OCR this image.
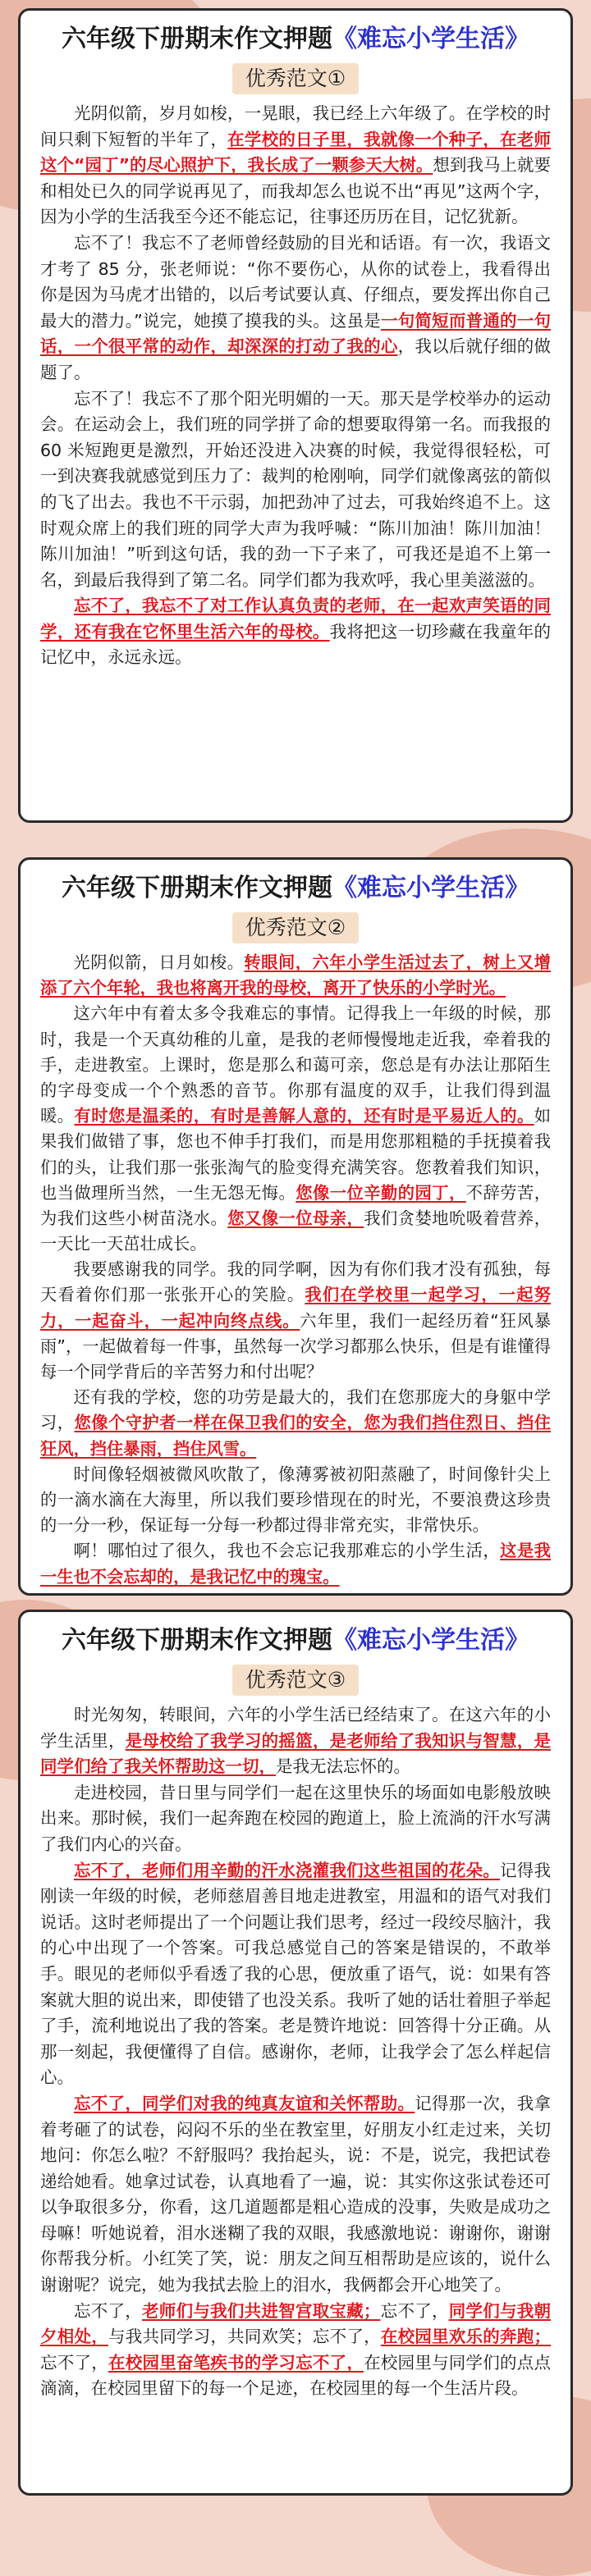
六年级下册期末作文押题《难忘小学生活》
优秀范文①

光阴似箭，岁月如梭，一晃眼，我已经上六年级了。在学校的时间只剩下短暂的半年了，在学校的日子里，我就像一个种子，在老师这个“园丁”的尽心照护下，我长成了一颗参天大树。想到我马上就要和相处已久的同学说再见了，而我却怎么也说不出“再见”这两个字，因为小学的生活我至今还不能忘记，往事还历历在目，记忆犹新。

忘不了！我忘不了老师曾经鼓励的目光和话语。有一次，我语文才考了 85 分，张老师说：“你不要伤心，从你的试卷上，我看得出你是因为马虎才出错的，以后考试要认真、仔细点，要发挥出你自己最大的潜力。”说完，她摸了摸我的头。这虽是一句简短而普通的一句话，一个很平常的动作，却深深的打动了我的心，我以后就仔细的做题了。

忘不了！我忘不了那个阳光明媚的一天。那天是学校举办的运动会。在运动会上，我们班的同学拼了命的想要取得第一名。而我报的 60 米短跑更是激烈，开始还没进入决赛的时候，我觉得很轻松，可一到决赛我就感觉到压力了：裁判的枪刚响，同学们就像离弦的箭似的飞了出去。我也不干示弱，加把劲冲了过去，可我始终追不上。这时观众席上的我们班的同学大声为我呼喊：“陈川加油！陈川加油！陈川加油！”听到这句话，我的劲一下子来了，可我还是追不上第一名，到最后我得到了第二名。同学们都为我欢呼，我心里美滋滋的。

忘不了，我忘不了对工作认真负责的老师，在一起欢声笑语的同学，还有我在它怀里生活六年的母校。我将把这一切珍藏在我童年的记忆中，永远永远。

六年级下册期末作文押题《难忘小学生活》
优秀范文②

光阴似箭，日月如梭。转眼间，六年小学生活过去了，树上又增添了六个年轮，我也将离开我的母校，离开了快乐的小学时光。

这六年中有着太多令我难忘的事情。记得我上一年级的时候，那时，我是一个天真幼稚的儿童，是我的老师慢慢地走近我，牵着我的手，走进教室。上课时，您是那么和蔼可亲，您总是有办法让那陌生的字母变成一个个熟悉的音节。你那有温度的双手，让我们得到温暖。有时您是温柔的，有时是善解人意的，还有时是平易近人的。如果我们做错了事，您也不伸手打我们，而是用您那粗糙的手抚摸着我们的头，让我们那一张张淘气的脸变得充满笑容。您教着我们知识，也当做理所当然，一生无怨无悔。您像一位辛勤的园丁，不辞劳苦，为我们这些小树苗浇水。您又像一位母亲，我们贪婪地吮吸着营养，一天比一天茁壮成长。

我要感谢我的同学。我的同学啊，因为有你们我才没有孤独，每天看着你们那一张张开心的笑脸。我们在学校里一起学习，一起努力，一起奋斗，一起冲向终点线。六年里，我们一起经历着“狂风暴雨”，一起做着每一件事，虽然每一次学习都那么快乐，但是有谁懂得每一个同学背后的辛苦努力和付出呢？

还有我的学校，您的功劳是最大的，我们在您那庞大的身躯中学习，您像个守护者一样在保卫我们的安全，您为我们挡住烈日、挡住狂风，挡住暴雨，挡住风雪。

时间像轻烟被微风吹散了，像薄雾被初阳蒸融了，时间像针尖上的一滴水滴在大海里，所以我们要珍惜现在的时光，不要浪费这珍贵的一分一秒，保证每一分每一秒都过得非常充实，非常快乐。

啊！哪怕过了很久，我也不会忘记我那难忘的小学生活，这是我一生也不会忘却的，是我记忆中的瑰宝。

六年级下册期末作文押题《难忘小学生活》
优秀范文③

时光匆匆，转眼间，六年的小学生活已经结束了。在这六年的小学生活里，是母校给了我学习的摇篮，是老师给了我知识与智慧，是同学们给了我关怀帮助这一切，是我无法忘怀的。

走进校园，昔日里与同学们一起在这里快乐的场面如电影般放映出来。那时候，我们一起奔跑在校园的跑道上，脸上流淌的汗水写满了我们内心的兴奋。

忘不了，老师们用辛勤的汗水浇灌我们这些祖国的花朵。记得我刚读一年级的时候，老师慈眉善目地走进教室，用温和的语气对我们说话。这时老师提出了一个问题让我们思考，经过一段绞尽脑汁，我的心中出现了一个答案。可我总感觉自己的答案是错误的，不敢举手。眼见的老师似乎看透了我的心思，便放重了语气，说：如果有答案就大胆的说出来，即使错了也没关系。我听了她的话壮着胆子举起了手，流利地说出了我的答案。老是赞许地说：回答得十分正确。从那一刻起，我便懂得了自信。感谢你，老师，让我学会了怎么样起信心。

忘不了，同学们对我的纯真友谊和关怀帮助。记得那一次，我拿着考砸了的试卷，闷闷不乐的坐在教室里，好朋友小红走过来，关切地问：你怎么啦？不舒服吗？我抬起头，说：不是，说完，我把试卷递给她看。她拿过试卷，认真地看了一遍，说：其实你这张试卷还可以争取很多分，你看，这几道题都是粗心造成的没事，失败是成功之母嘛！听她说着，泪水迷糊了我的双眼，我感激地说：谢谢你，谢谢你帮我分析。小红笑了笑，说：朋友之间互相帮助是应该的，说什么谢谢呢？说完，她为我拭去脸上的泪水，我俩都会开心地笑了。

忘不了，老师们与我们共进智宫取宝藏；忘不了，同学们与我朝夕相处，与我共同学习，共同欢笑；忘不了，在校园里欢乐的奔跑；忘不了，在校园里奋笔疾书的学习忘不了，在校园里与同学们的点点滴滴，在校园里留下的每一个足迹，在校园里的每一个生活片段。
